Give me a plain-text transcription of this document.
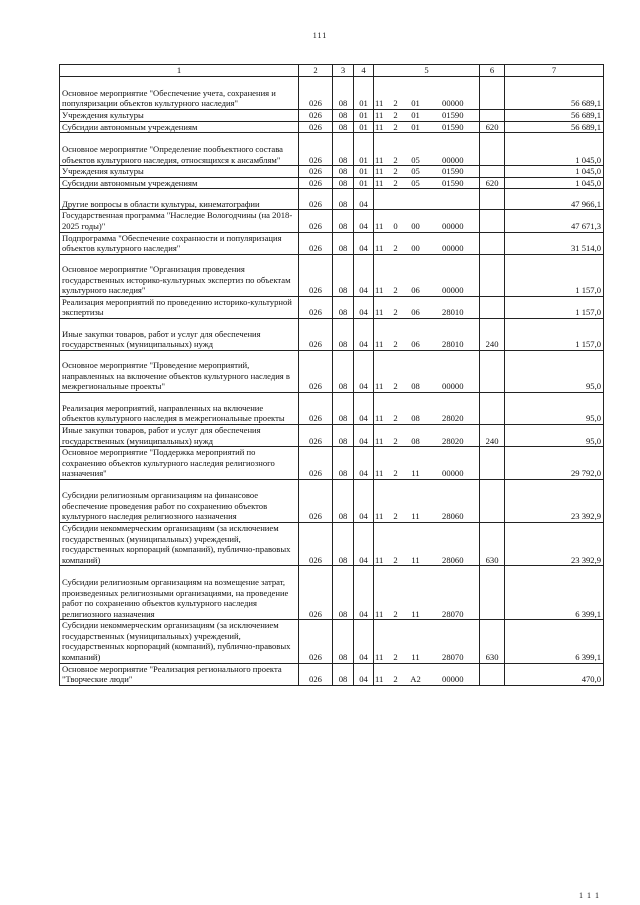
111
1	2	3	4	5				6	7
Основное мероприятие "Обеспечение учета, сохранения и популяризации объектов культурного наследия"	026	08	01	11	2	01	00000		56 689,1
Учреждения культуры	026	08	01	11	2	01	01590		56 689,1
Субсидии автономным учреждениям	026	08	01	11	2	01	01590	620	56 689,1
Основное мероприятие "Определение пообъектного состава объектов культурного наследия, относящихся к ансамблям"	026	08	01	11	2	05	00000		1 045,0
Учреждения культуры	026	08	01	11	2	05	01590		1 045,0
Субсидии автономным учреждениям	026	08	01	11	2	05	01590	620	1 045,0
Другие вопросы в области культуры, кинематографии	026	08	04						47 966,1
Государственная программа "Наследие Вологодчины (на 2018-2025 годы)"	026	08	04	11	0	00	00000		47 671,3
Подпрограмма "Обеспечение сохранности и популяризация объектов культурного наследия"	026	08	04	11	2	00	00000		31 514,0
Основное мероприятие "Организация проведения государственных историко-культурных экспертиз по объектам культурного наследия"	026	08	04	11	2	06	00000		1 157,0
Реализация мероприятий по проведению историко-культурной экспертизы	026	08	04	11	2	06	28010		1 157,0
Иные закупки товаров, работ и услуг для обеспечения государственных (муниципальных) нужд	026	08	04	11	2	06	28010	240	1 157,0
Основное мероприятие "Проведение мероприятий, направленных на включение объектов культурного наследия в межрегиональные проекты"	026	08	04	11	2	08	00000		95,0
Реализация мероприятий, направленных на включение объектов культурного наследия в межрегиональные проекты	026	08	04	11	2	08	28020		95,0
Иные закупки товаров, работ и услуг для обеспечения государственных (муниципальных) нужд	026	08	04	11	2	08	28020	240	95,0
Основное мероприятие "Поддержка мероприятий по сохранению объектов культурного наследия религиозного назначения"	026	08	04	11	2	11	00000		29 792,0
Субсидии религиозным организациям на финансовое обеспечение проведения работ по сохранению объектов культурного наследия религиозного назначения	026	08	04	11	2	11	28060		23 392,9
Субсидии некоммерческим организациям (за исключением государственных (муниципальных) учреждений, государственных корпораций (компаний), публично-правовых компаний)	026	08	04	11	2	11	28060	630	23 392,9
Субсидии религиозным организациям на возмещение затрат, произведенных религиозными организациями, на проведение работ по сохранению объектов культурного наследия религиозного назначения	026	08	04	11	2	11	28070		6 399,1
Субсидии некоммерческим организациям (за исключением государственных (муниципальных) учреждений, государственных корпораций (компаний), публично-правовых компаний)	026	08	04	11	2	11	28070	630	6 399,1
Основное мероприятие "Реализация регионального проекта "Творческие люди"	026	08	04	11	2	А2	00000		470,0
1 1 1
